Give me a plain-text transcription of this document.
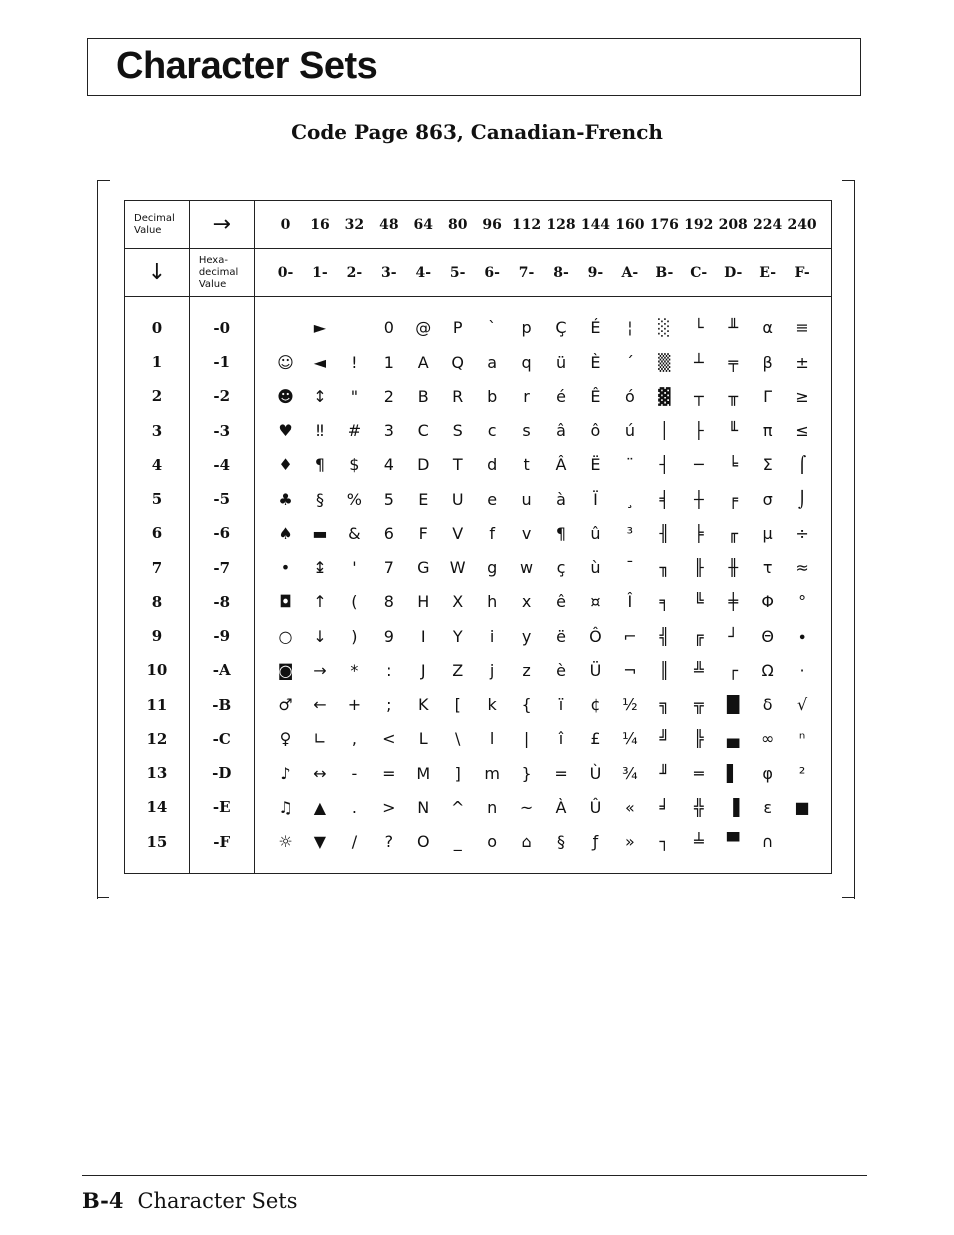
Character Sets
Code Page 863, Canadian-French
Decimal
Value	→		0	16	32	48	64	80	96	112	128	144	160	176	192	208	224	240	
↓	Hexa-
decimal
Value		0-	1-	2-	3-	4-	5-	6-	7-	8-	9-	A-	B-	C-	D-	E-	F-	
0	-0			►		0	@	P	`	p	Ç	É	¦	░	└	╨	α	≡	
1	-1		☺	◄	!	1	A	Q	a	q	ü	È	´	▒	┴	╤	β	±	
2	-2		☻	↕	"	2	B	R	b	r	é	Ê	ó	▓	┬	╥	Γ	≥	
3	-3		♥	‼	#	3	C	S	c	s	â	ô	ú	│	├	╙	π	≤	
4	-4		♦	¶	$	4	D	T	d	t	Â	Ë	¨	┤	─	╘	Σ	⌠	
5	-5		♣	§	%	5	E	U	e	u	à	Ï	¸	╡	┼	╒	σ	⌡	
6	-6		♠	▬	&	6	F	V	f	v	¶	û	³	╢	╞	╓	µ	÷	
7	-7		•	↨	'	7	G	W	g	w	ç	ù	¯	╖	╟	╫	τ	≈	
8	-8		◘	↑	(	8	H	X	h	x	ê	¤	Î	╕	╚	╪	Φ	°	
9	-9		○	↓	)	9	I	Y	i	y	ë	Ô	⌐	╣	╔	┘	Θ	∙	
10	-A		◙	→	*	:	J	Z	j	z	è	Ü	¬	║	╩	┌	Ω	·	
11	-B		♂	←	+	;	K	[	k	{	ï	¢	½	╗	╦	█	δ	√	
12	-C		♀	∟	,	<	L	\	l	|	î	£	¼	╝	╠	▄	∞	ⁿ	
13	-D		♪	↔	-	=	M	]	m	}	=	Ù	¾	╜	═	▌	φ	²	
14	-E		♫	▲	.	>	N	^	n	~	À	Û	«	╛	╬	▐	ε	■	
15	-F		☼	▼	/	?	O	_	o	⌂	§	ƒ	»	┐	╧	▀	∩		
B-4 Character Sets
